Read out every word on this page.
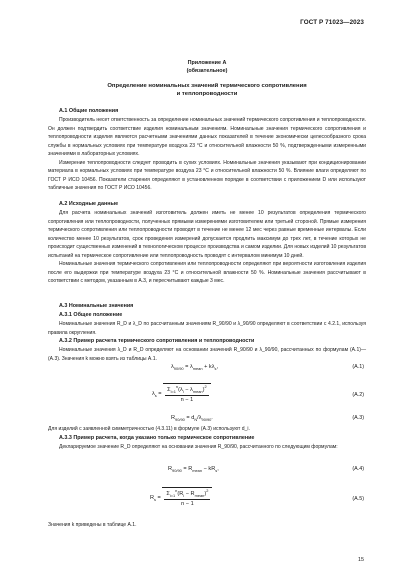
ГОСТ Р 71023—2023
Приложение А
(обязательное)
Определение номинальных значений термического сопротивления
и теплопроводности
А.1 Общие положения

Производитель несет ответственность за определение номинальных значений термического сопротивления и теплопроводности. Он должен подтвердить соответствие изделия номинальным значениям. Номинальные значения термического сопротивления и теплопроводности изделия являются расчетными значениями данных показателей в течение экономически целесообразного срока службы в нормальных условиях при температуре воздуха 23 °С и относительной влажности 50 %, подтвержденными измеренными значениями в лабораторных условиях.

Измерение теплопроводности следует проводить в сухих условиях. Номинальные значения указывают при кондиционировании материала в нормальных условиях при температуре воздуха 23 °С и относительной влажности 50 %. Влияние влаги определяют по ГОСТ Р ИСО 10456. Показатели старения определяют в установленном порядке в соответствии с приложением D или используют табличные значения по ГОСТ Р ИСО 10456.

А.2 Исходные данные

Для расчета номинальных значений изготовитель должен иметь не менее 10 результатов определения термического сопротивления или теплопроводности, полученных прямыми измерениями изготовителем или третьей стороной. Прямые измерения термического сопротивления или теплопроводности проводят в течение не менее 12 мес через равные временные интервалы. Если количество менее 10 результатов, срок проведения измерений допускается продлить максимум до трех лет, в течение которых не происходит существенных изменений в технологическом процессе производства и самом изделии. Для новых изделий 10 результатов испытаний на термическое сопротивление или теплопроводность проводят с интервалом минимум 10 дней.

Номинальные значения термического сопротивления или теплопроводности определяют при вероятности изготовления изделия после его выдержки при температуре воздуха 23 °С и относительной влажности 50 %. Номинальные значения рассчитывают в соответствии с методом, указанным в А.3, и пересчитывают каждые 3 мес.

А.3 Номинальные значения
А.3.1 Общее положение

Номинальные значения R_D и λ_D по рассчитанным значениям R_90/90 и λ_90/90 определяют в соответствии с 4.2.1, используя правила округления.

А.3.2 Пример расчета термического сопротивления и теплопроводности

Номинальные значения λ_D и R_D определяют на основании значений R_90/90 и λ_90/90, рассчитанных по формулам (А.1)—(А.3). Значения k можно взять из таблицы А.1.

$\lambda_{90/90} = \lambda_{mean} + k\lambda_s$,	(А.1)
$\lambda_s = \frac{\Sigma_{i=1}^n(\lambda_i - \lambda_{mean})^2}{n - 1}$	(А.2)
$R_{90/90} = d_N/\lambda_{90/90}$.	(А.3)
Для изделий с заявленной симметричностью (4.3.11) в формуле (А.3) используют d_i.
А.3.3 Пример расчета, когда указано только термическое сопротивление

Декларируемое значение R_D определяют на основании значения R_90/90, рассчитанного по следующим формулам:

$R_{90/90} = R_{mean} - kR_s$,	(А.4)
$R_s = \frac{\Sigma_{i=1}^n(R_i - R_{mean})^2}{n - 1}$	(А.5)
Значения k приведены в таблице А.1.
15
